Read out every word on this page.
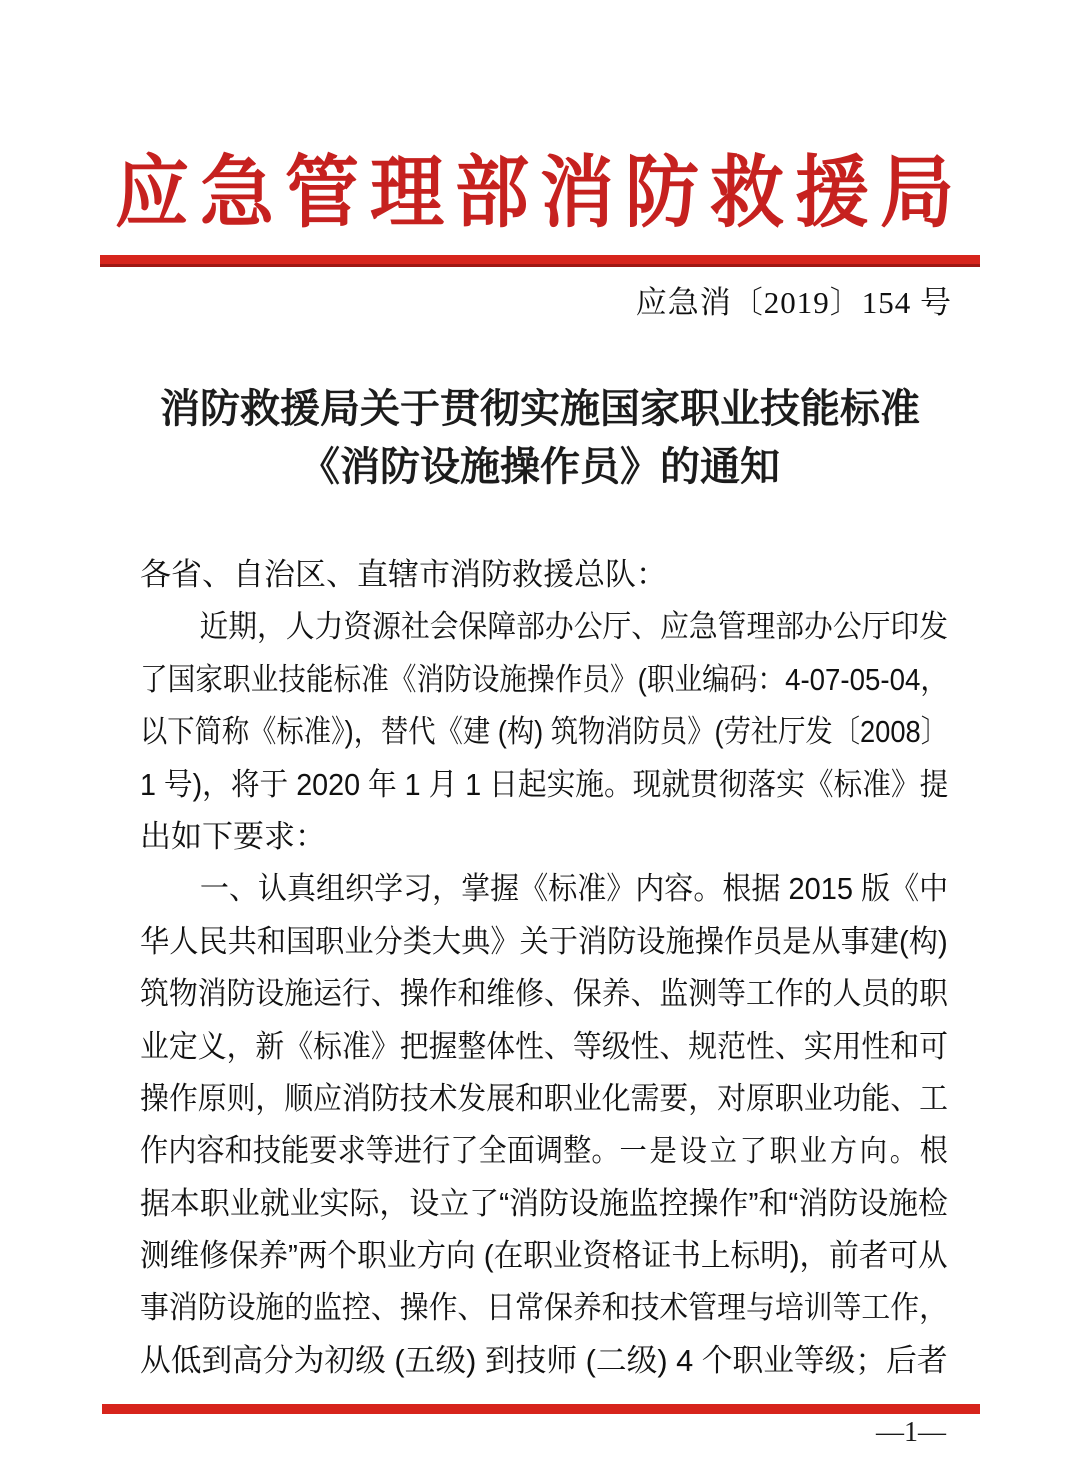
应急管理部消防救援局
应急消〔2019〕154 号
消防救援局关于贯彻实施国家职业技能标准
《消防设施操作员》的通知
各省、自治区、直辖市消防救援总队：
近期，人力资源社会保障部办公厅、应急管理部办公厅印发
了国家职业技能标准《消防设施操作员》(职业编码：4-07-05-04，
以下简称《标准》)，替代《建 (构) 筑物消防员》(劳社厅发〔2008〕
1 号)，将于 2020 年 1 月 1 日起实施。现就贯彻落实《标准》提
出如下要求：
一、认真组织学习，掌握《标准》内容。根据 2015 版《中
华人民共和国职业分类大典》关于消防设施操作员是从事建(构)
筑物消防设施运行、操作和维修、保养、监测等工作的人员的职
业定义，新《标准》把握整体性、等级性、规范性、实用性和可
操作原则，顺应消防技术发展和职业化需要，对原职业功能、工
作内容和技能要求等进行了全面调整。一是设立了职业方向。根
据本职业就业实际，设立了“消防设施监控操作”和“消防设施检
测维修保养”两个职业方向 (在职业资格证书上标明)，前者可从
事消防设施的监控、操作、日常保养和技术管理与培训等工作，
从低到高分为初级 (五级) 到技师 (二级) 4 个职业等级；后者
—1—
